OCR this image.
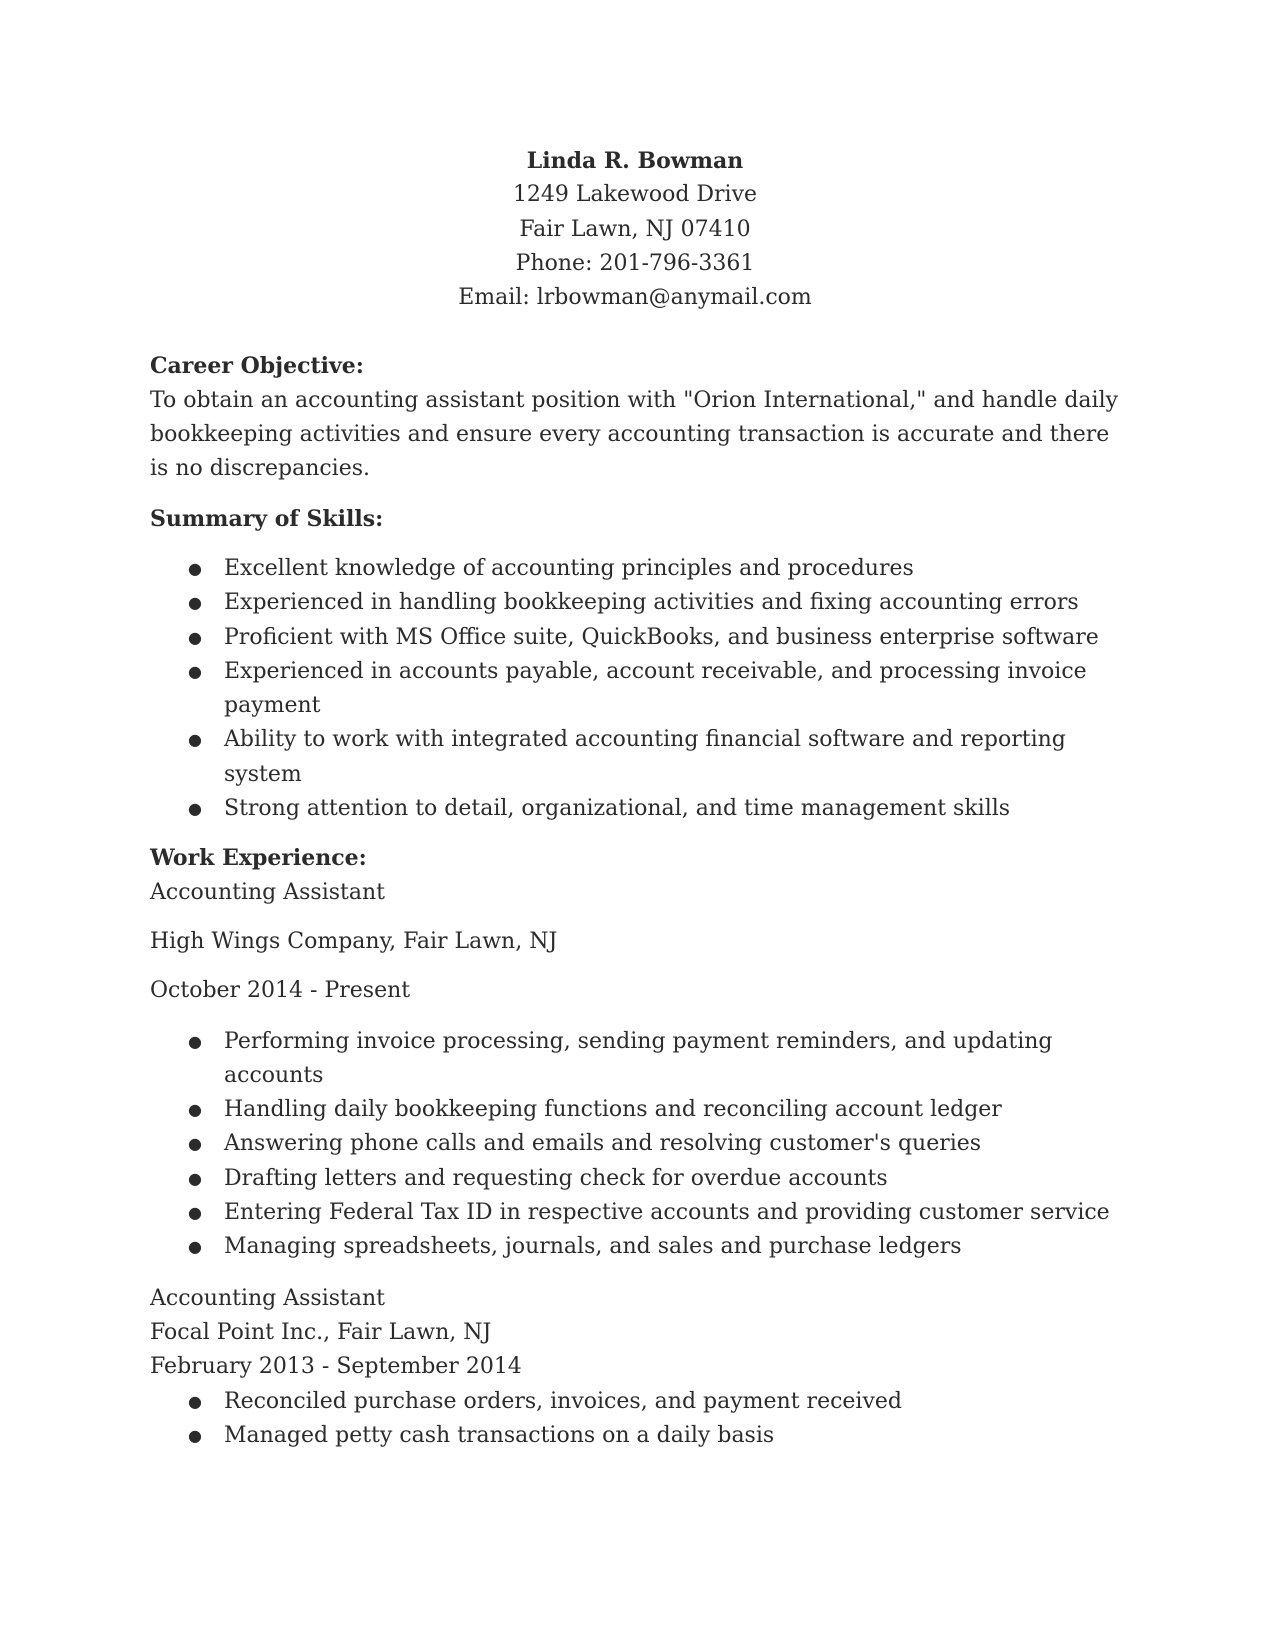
Linda R. Bowman
1249 Lakewood Drive
Fair Lawn, NJ 07410
Phone: 201-796-3361
Email: lrbowman@anymail.com

Career Objective:

To obtain an accounting assistant position with "Orion International," and handle daily bookkeeping activities and ensure every accounting transaction is accurate and there is no discrepancies.

Summary of Skills:

● Excellent knowledge of accounting principles and procedures
● Experienced in handling bookkeeping activities and fixing accounting errors
● Proficient with MS Office suite, QuickBooks, and business enterprise software
● Experienced in accounts payable, account receivable, and processing invoice payment
● Ability to work with integrated accounting financial software and reporting system
● Strong attention to detail, organizational, and time management skills

Work Experience:

Accounting Assistant

High Wings Company, Fair Lawn, NJ

October 2014 - Present

● Performing invoice processing, sending payment reminders, and updating accounts
● Handling daily bookkeeping functions and reconciling account ledger
● Answering phone calls and emails and resolving customer's queries
● Drafting letters and requesting check for overdue accounts
● Entering Federal Tax ID in respective accounts and providing customer service
● Managing spreadsheets, journals, and sales and purchase ledgers

Accounting Assistant

Focal Point Inc., Fair Lawn, NJ

February 2013 - September 2014

● Reconciled purchase orders, invoices, and payment received
● Managed petty cash transactions on a daily basis
